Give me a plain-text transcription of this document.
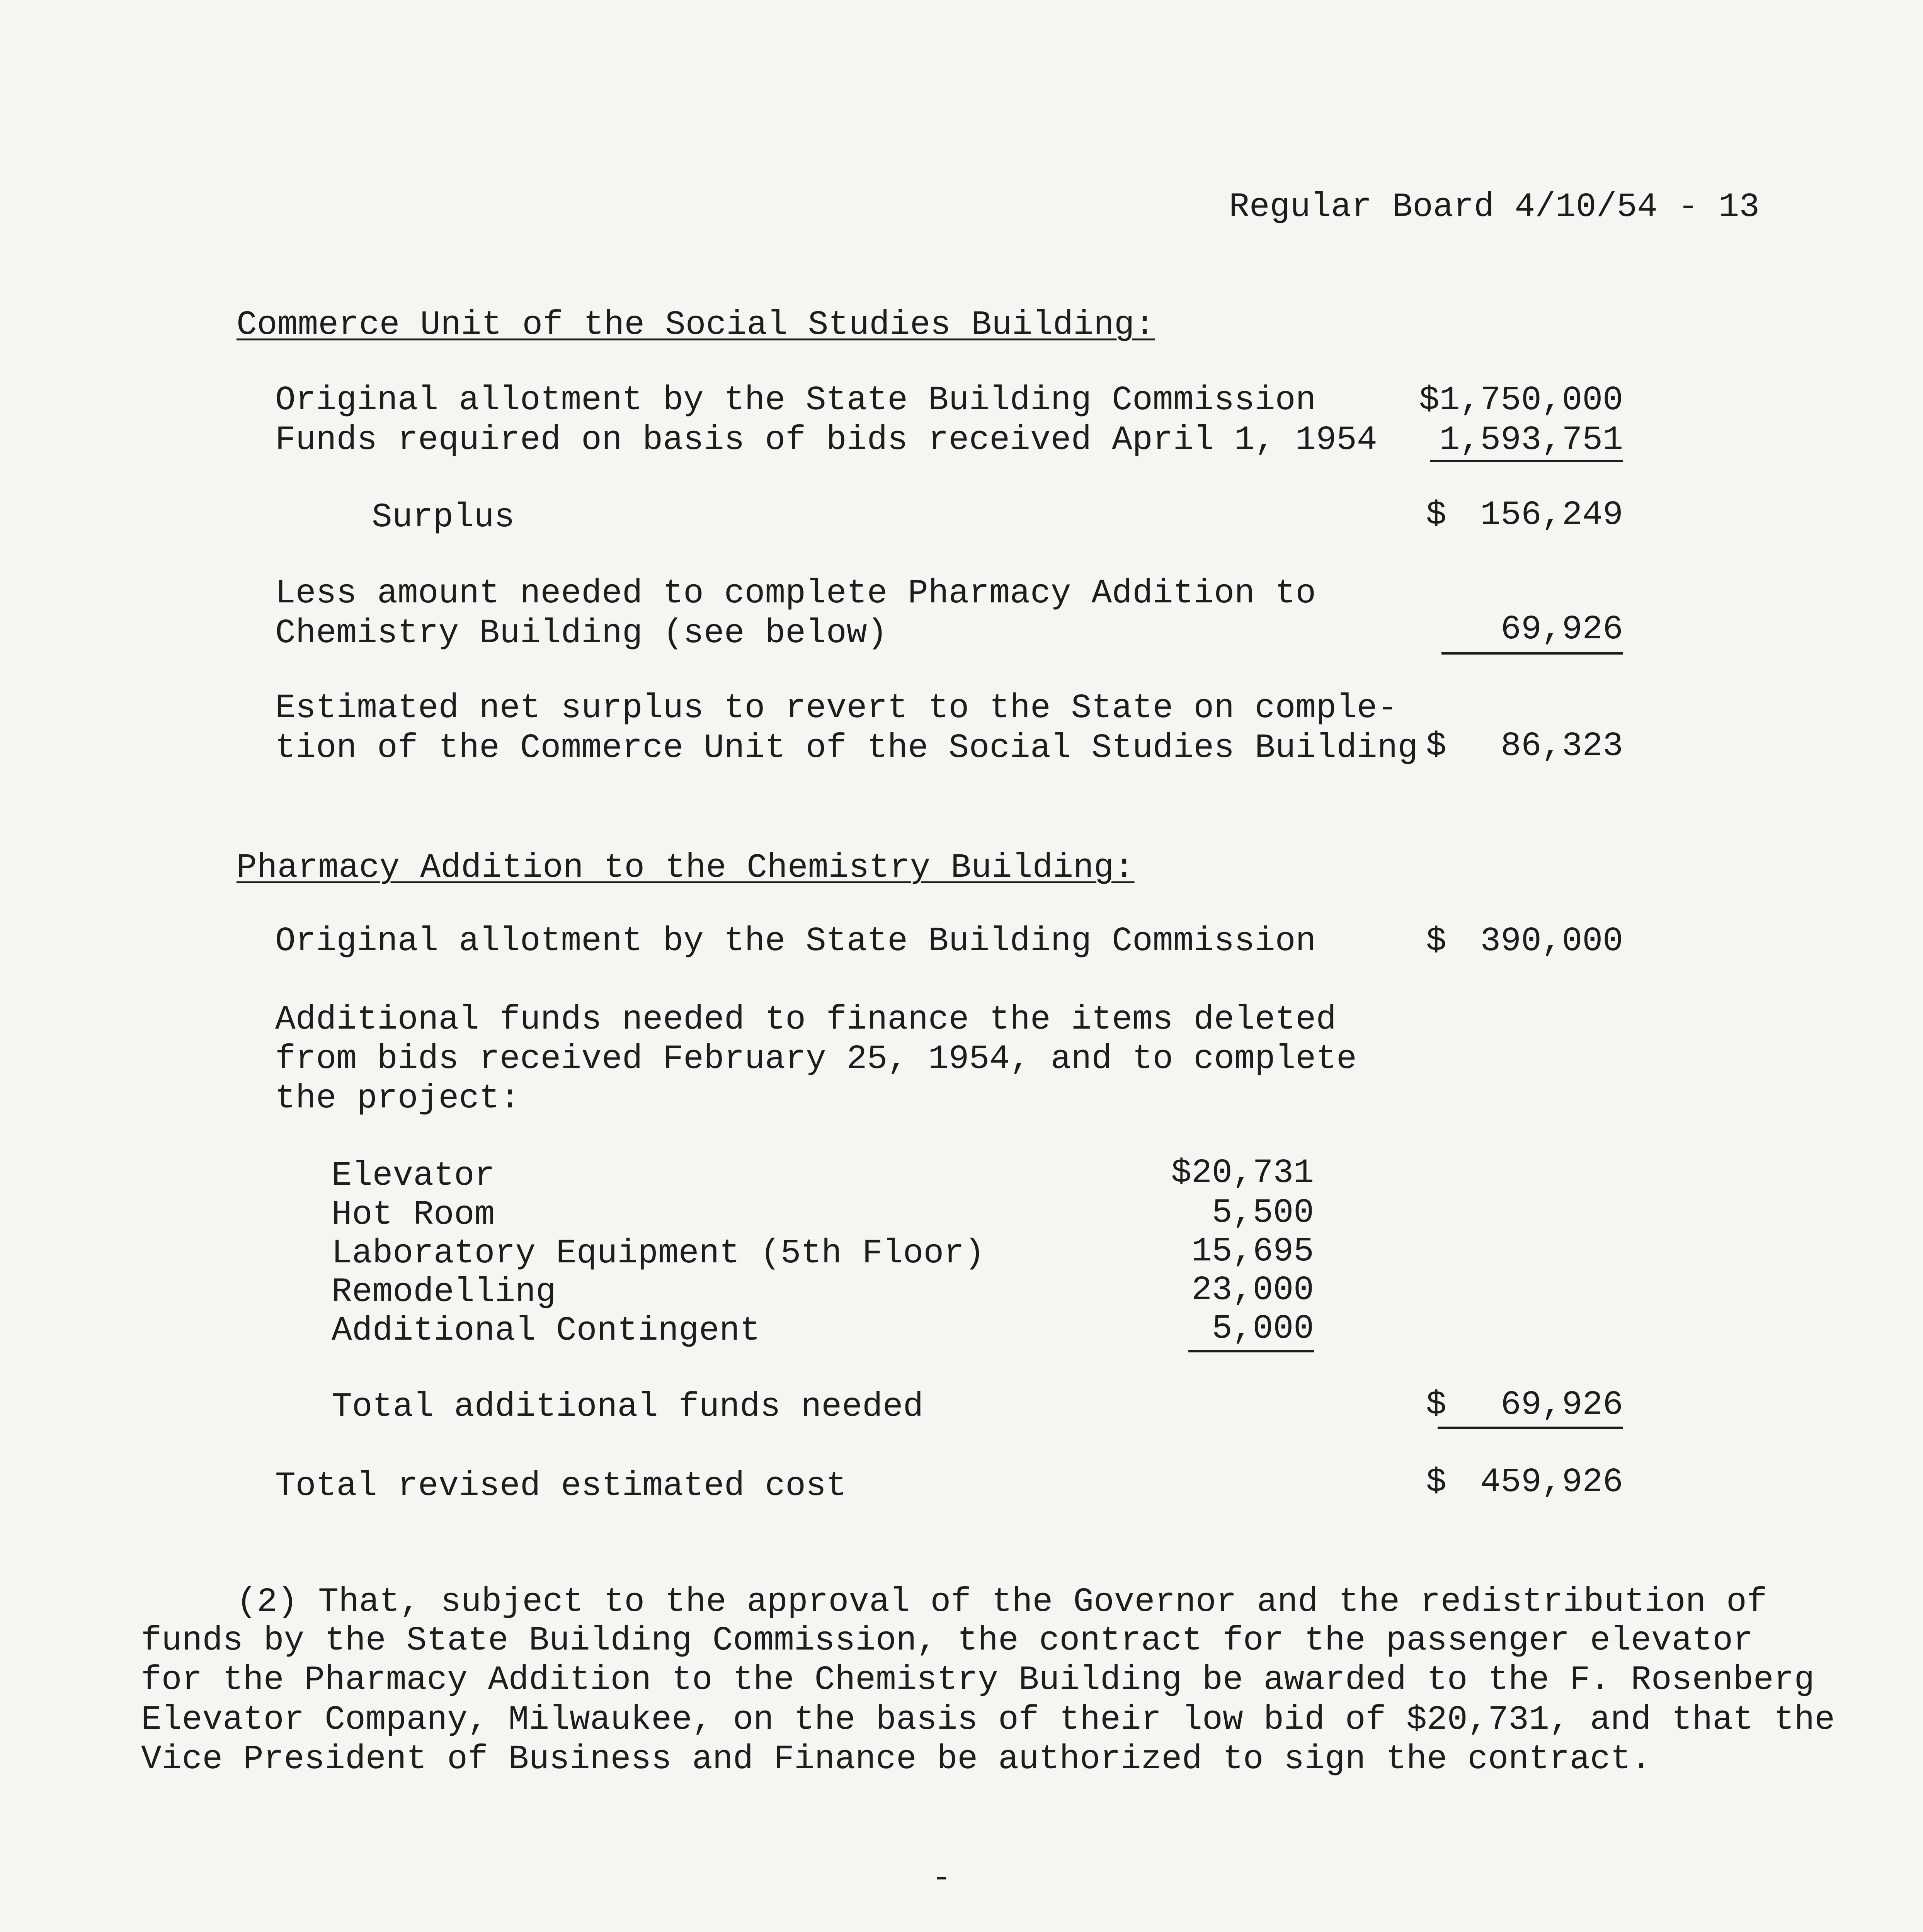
Regular Board 4/10/54 - 13
Commerce Unit of the Social Studies Building:
Original allotment by the State Building Commission	$1,750,000
Funds required on basis of bids received April 1, 1954	1,593,751
Surplus	$ 156,249
Less amount needed to complete Pharmacy Addition to
Chemistry Building (see below)	69,926
Estimated net surplus to revert to the State on comple-
tion of the Commerce Unit of the Social Studies Building $	86,323
Pharmacy Addition to the Chemistry Building:
Original allotment by the State Building Commission	$ 390,000
Additional funds needed to finance the items deleted
from bids received February 25, 1954, and to complete
the project:
Elevator	$20,731
Hot Room	5,500
Laboratory Equipment (5th Floor)	15,695
Remodelling	23,000
Additional Contingent	5,000
Total additional funds needed	$	69,926
Total revised estimated cost	$ 459,926
(2) That, subject to the approval of the Governor and the redistribution of
funds by the State Building Commission, the contract for the passenger elevator
for the Pharmacy Addition to the Chemistry Building be awarded to the F. Rosenberg
Elevator Company, Milwaukee, on the basis of their low bid of $20,731, and that the
Vice President of Business and Finance be authorized to sign the contract.
-
